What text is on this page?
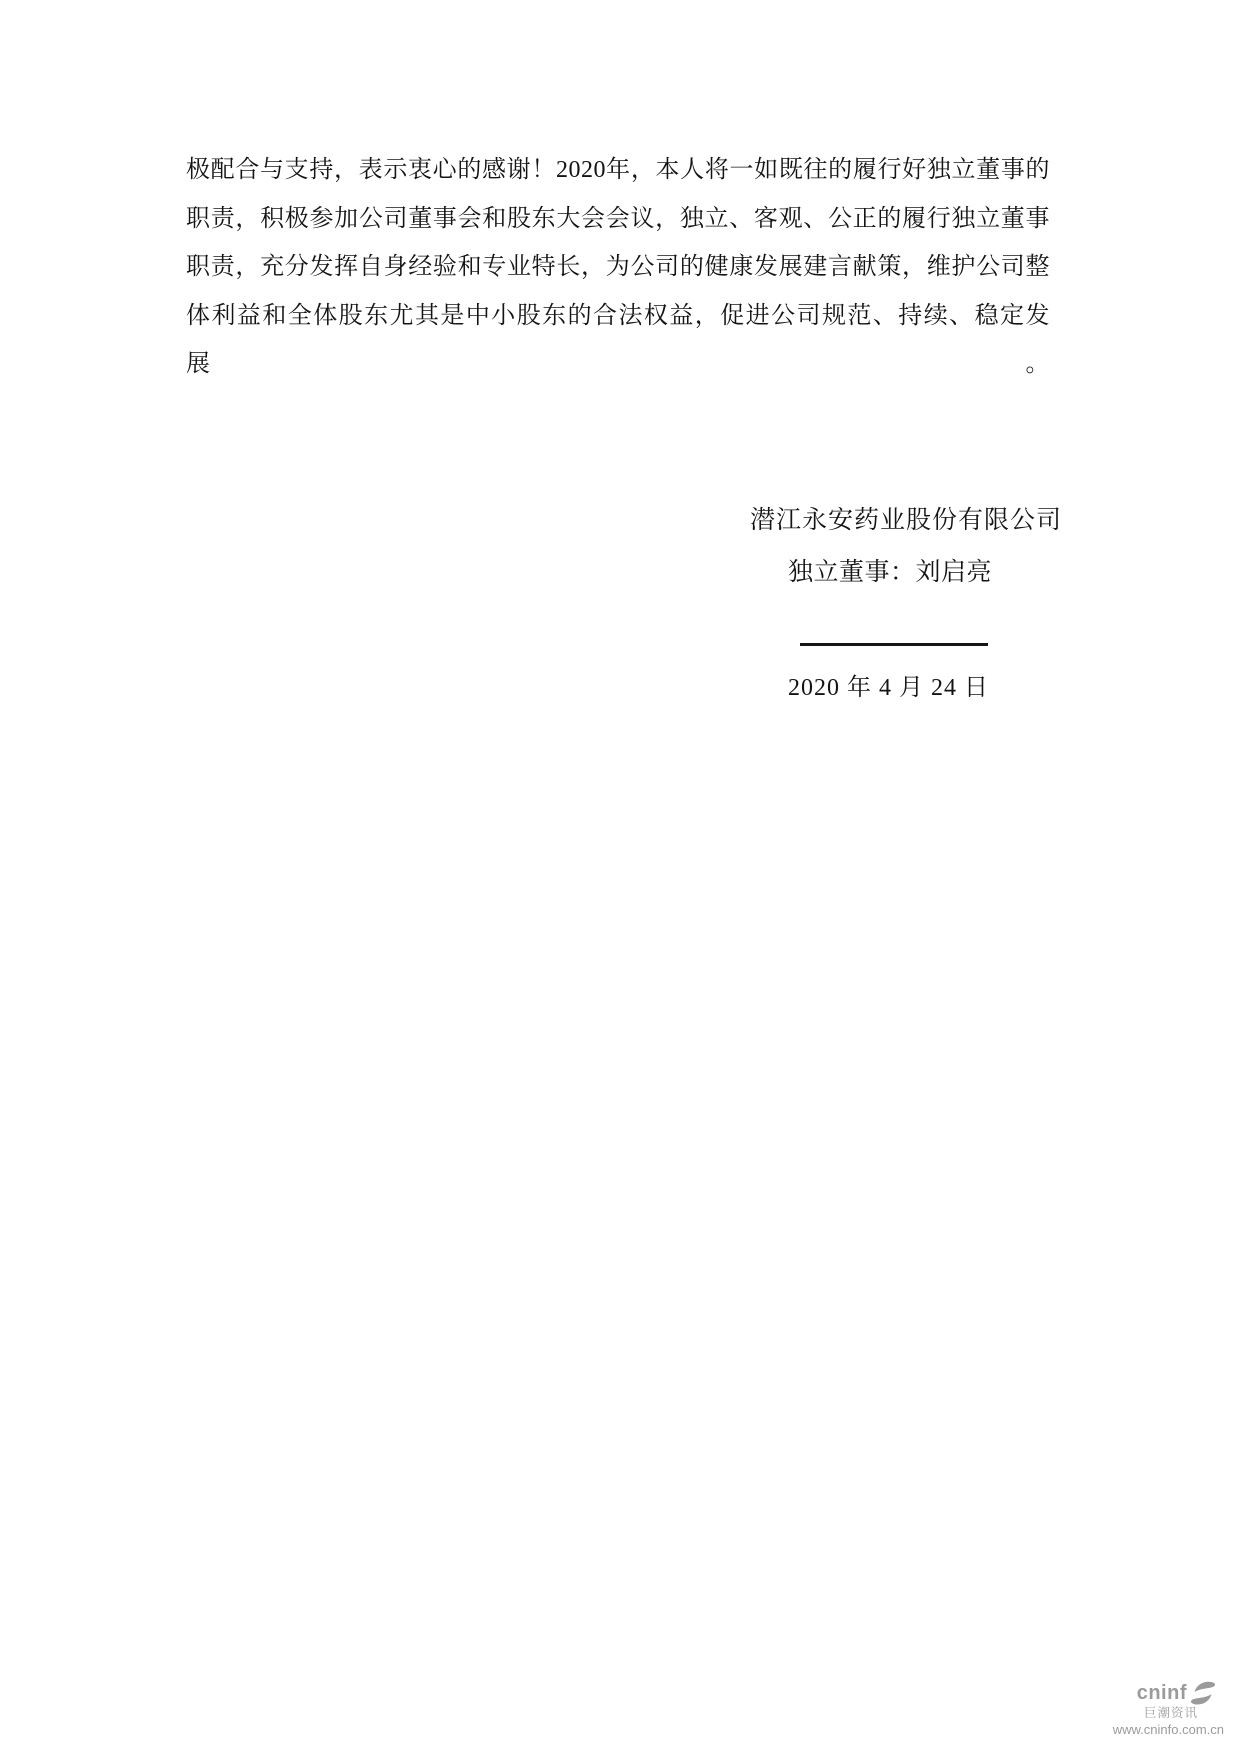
极配合与支持，表示衷心的感谢！2020年，本人将一如既往的履行好独立董事的
职责，积极参加公司董事会和股东大会会议，独立、客观、公正的履行独立董事
职责，充分发挥自身经验和专业特长，为公司的健康发展建言献策，维护公司整
体利益和全体股东尤其是中小股东的合法权益，促进公司规范、持续、稳定发展。
潜江永安药业股份有限公司
独立董事：刘启亮
2020 年 4 月 24 日
cninf
巨潮资讯
www.cninfo.com.cn
